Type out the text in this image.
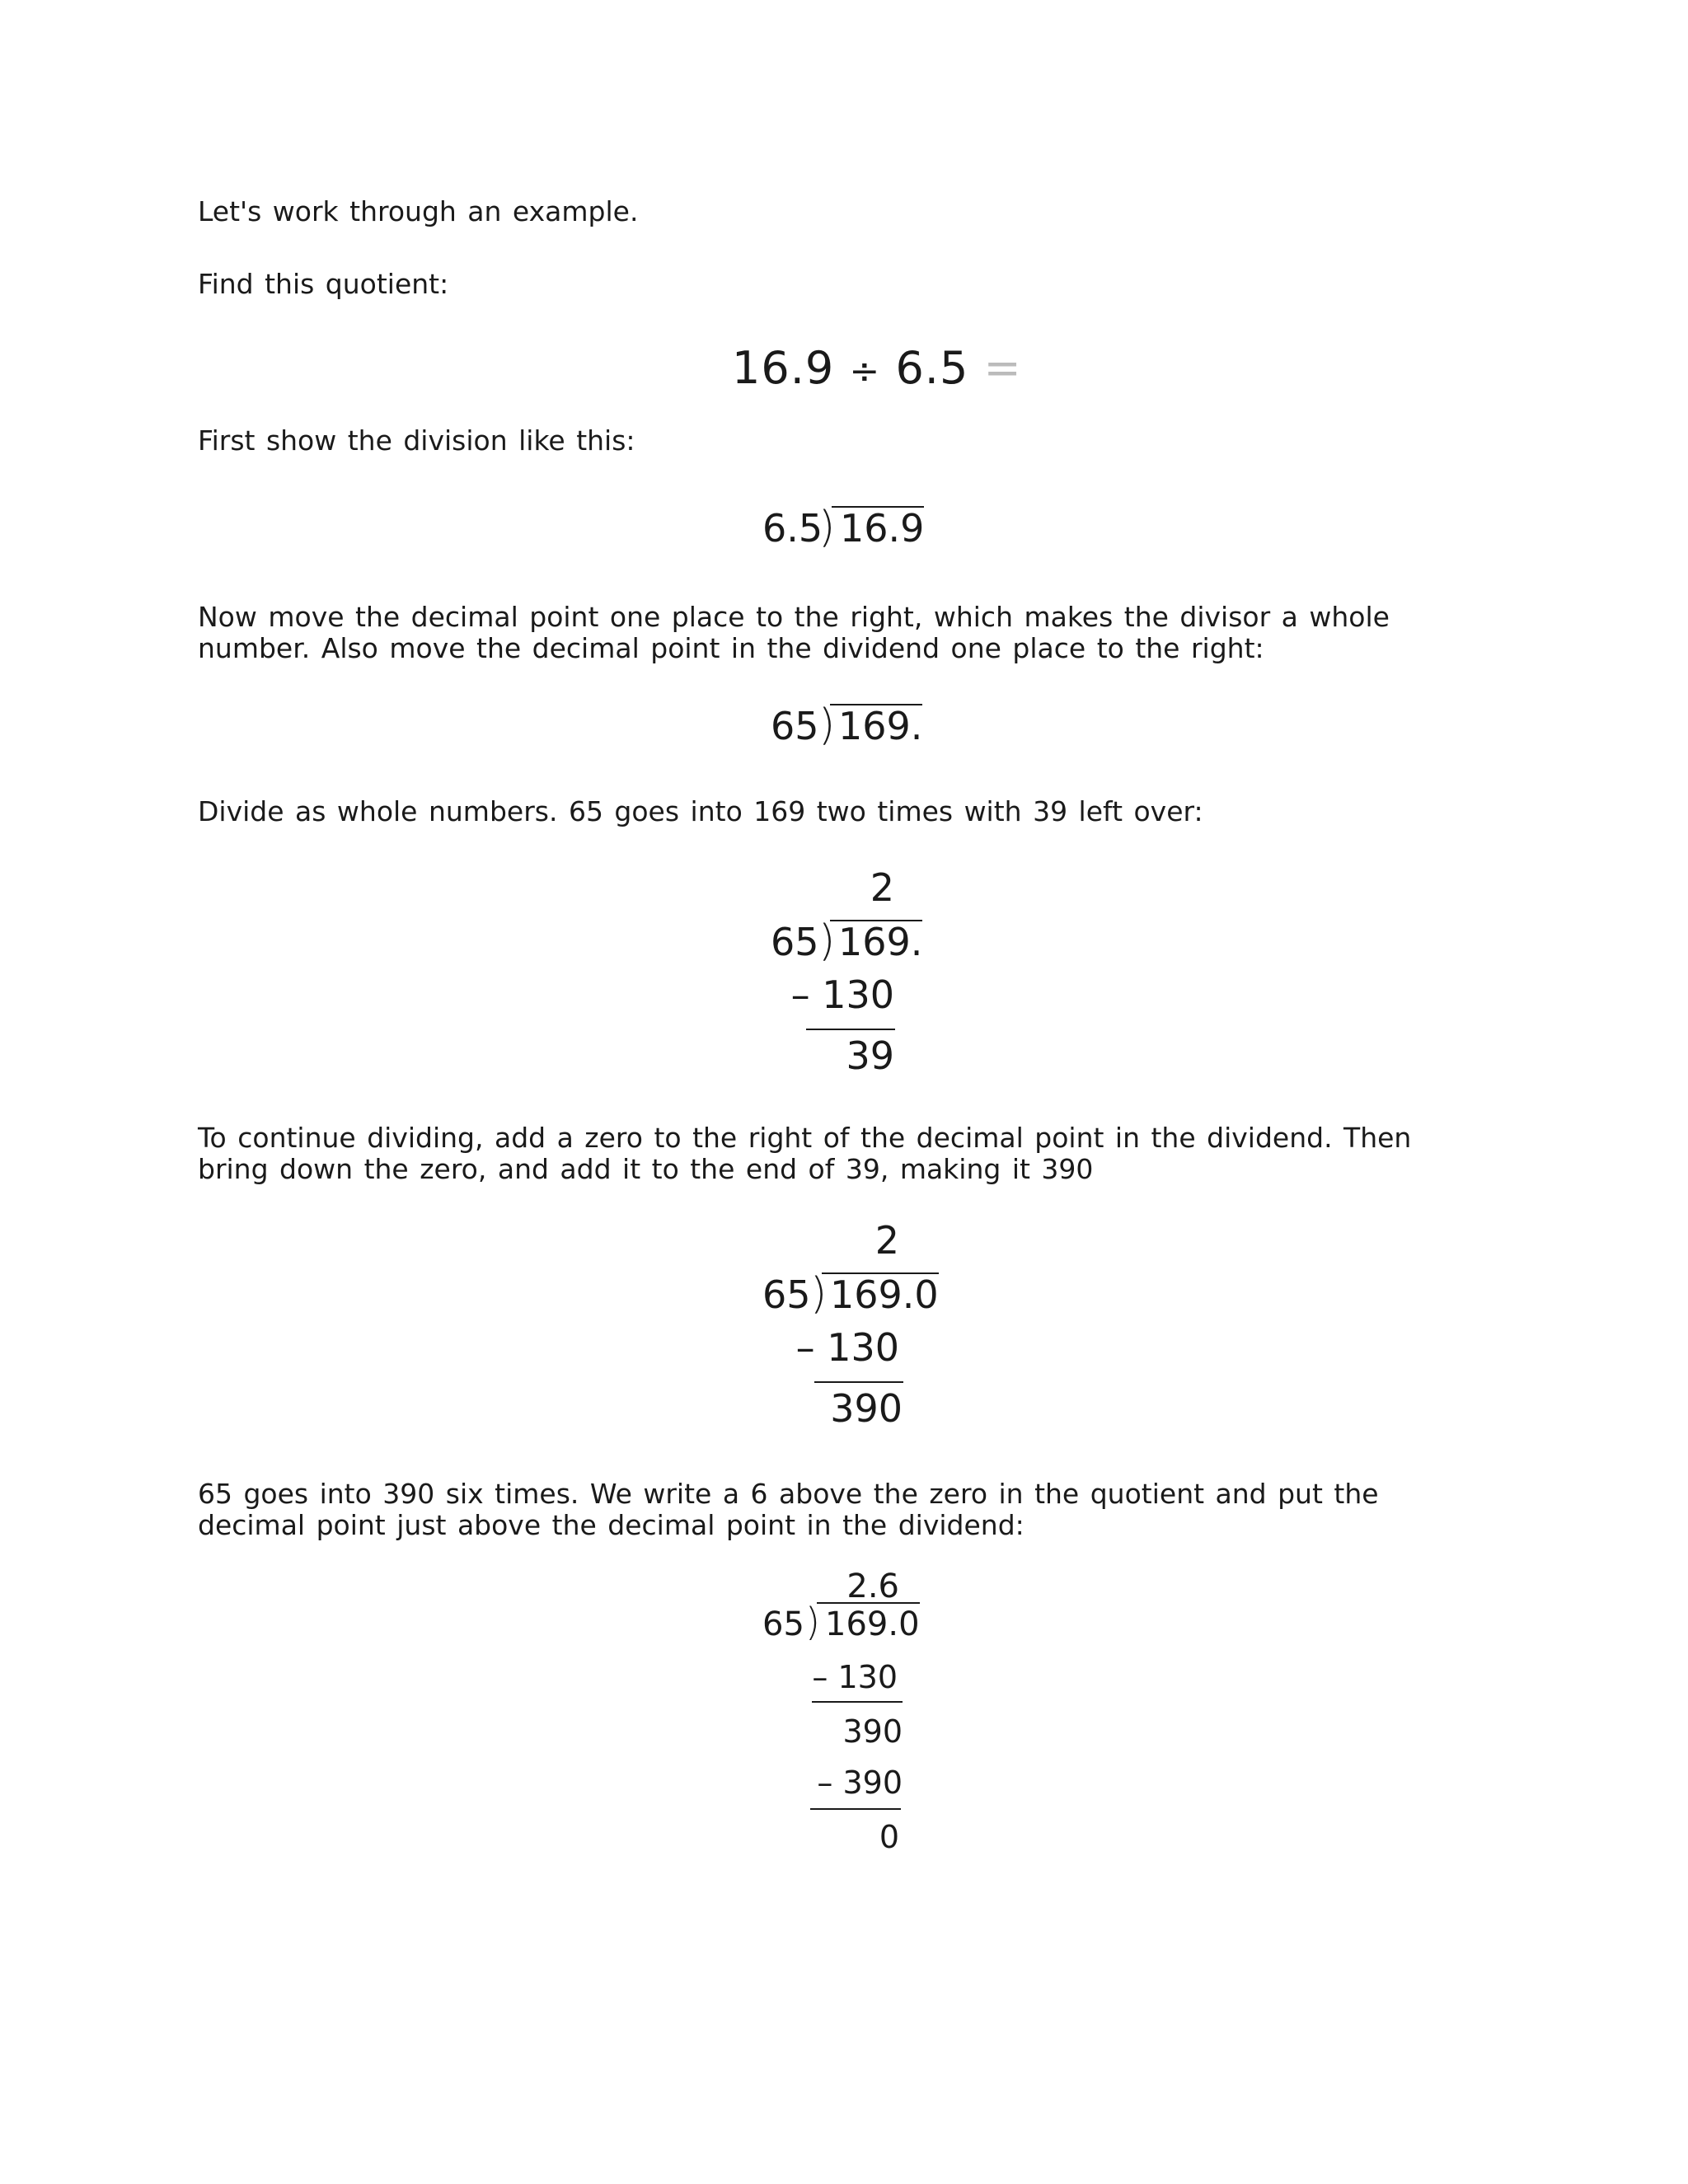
Let's work through an example.

Find this quotient:

16.9 ÷ 6.5 =

First show the division like this:

6.5
) 16.9

Now move the decimal point one place to the right, which makes the divisor a whole number. Also move the decimal point in the dividend one place to the right:

65 ) 169.

Divide as whole numbers. 65 goes into 169 two times with 39 left over:

2
65 ) 169.
– 130
39

To continue dividing, add a zero to the right of the decimal point in the dividend. Then bring down the zero, and add it to the end of 39, making it 390

2
65 ) 169.0
– 130
390

65 goes into 390 six times. We write a 6 above the zero in the quotient and put the decimal point just above the decimal point in the dividend:

2.6
65 ) 169.0
– 130
390
– 390
0
